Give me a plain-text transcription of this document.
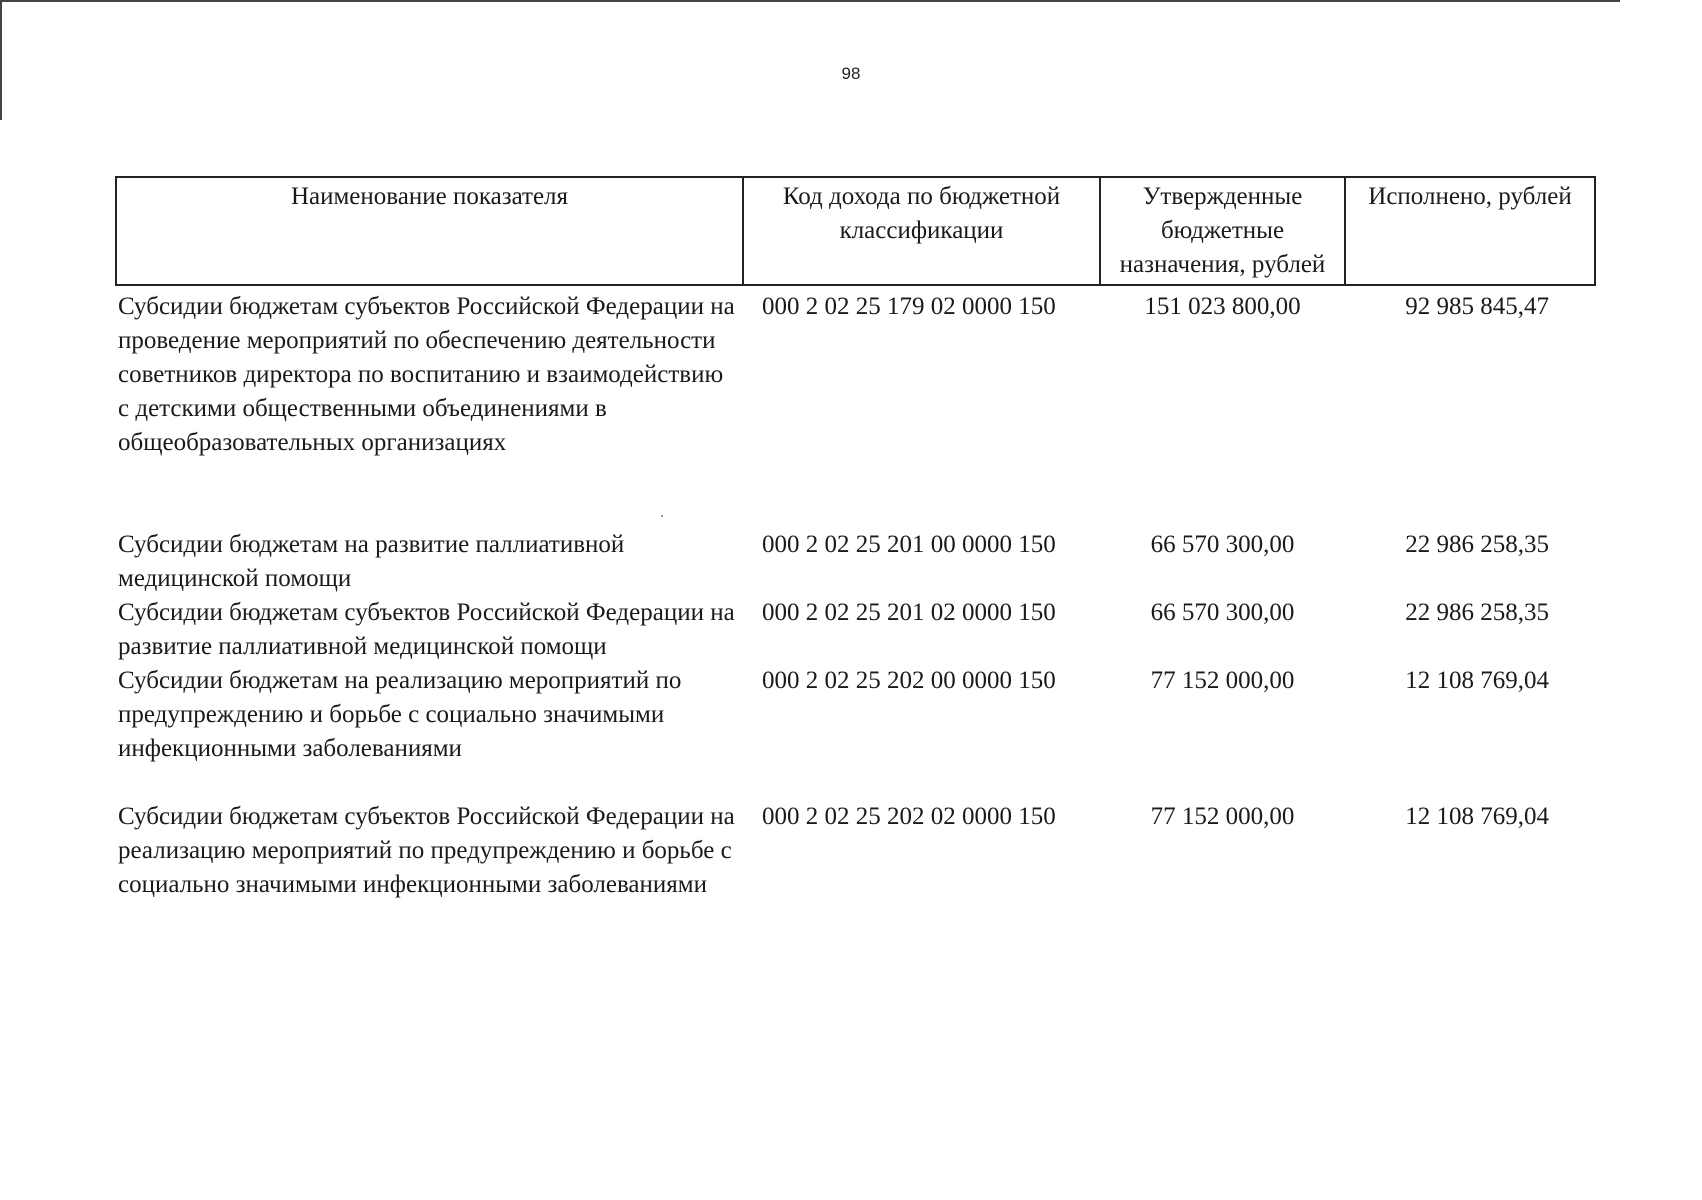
98
Наименование показателя	Код дохода по бюджетной классификации	Утвержденные бюджетные назначения, рублей	Исполнено, рублей
Субсидии бюджетам субъектов Российской Федерации на проведение мероприятий по обеспечению деятельности советников директора по воспитанию и взаимодействию с детскими общественными объединениями в общеобразовательных организациях	000 2 02 25 179 02 0000 150	151 023 800,00	92 985 845,47

Субсидии бюджетам на развитие паллиативной медицинской помощи	000 2 02 25 201 00 0000 150	66 570 300,00	22 986 258,35
Субсидии бюджетам субъектов Российской Федерации на развитие паллиативной медицинской помощи	000 2 02 25 201 02 0000 150	66 570 300,00	22 986 258,35
Субсидии бюджетам на реализацию мероприятий по предупреждению и борьбе с социально значимыми инфекционными заболеваниями	000 2 02 25 202 00 0000 150	77 152 000,00	12 108 769,04

Субсидии бюджетам субъектов Российской Федерации на реализацию мероприятий по предупреждению и борьбе с социально значимыми инфекционными заболеваниями	000 2 02 25 202 02 0000 150	77 152 000,00	12 108 769,04
